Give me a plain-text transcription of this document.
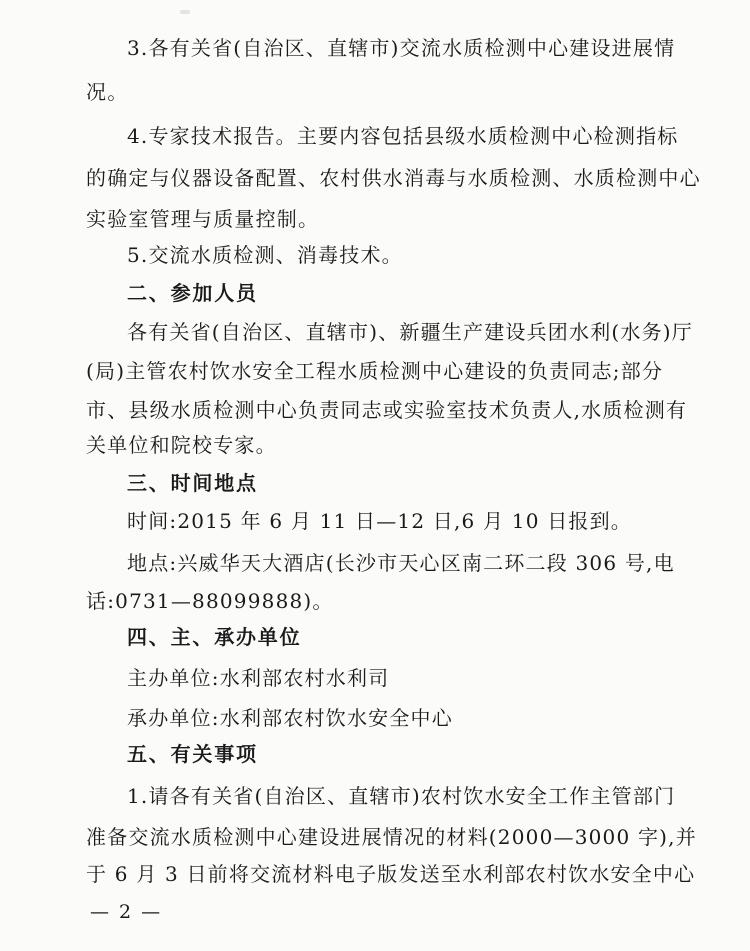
3.各有关省(自治区、直辖市)交流水质检测中心建设进展情
况。
4.专家技术报告。主要内容包括县级水质检测中心检测指标
的确定与仪器设备配置、农村供水消毒与水质检测、水质检测中心
实验室管理与质量控制。
5.交流水质检测、消毒技术。
二、参加人员
各有关省(自治区、直辖市)、新疆生产建设兵团水利(水务)厅
(局)主管农村饮水安全工程水质检测中心建设的负责同志;部分
市、县级水质检测中心负责同志或实验室技术负责人,水质检测有
关单位和院校专家。
三、时间地点
时间:2015 年 6 月 11 日—12 日,6 月 10 日报到。
地点:兴威华天大酒店(长沙市天心区南二环二段 306 号,电
话:0731—88099888)。
四、主、承办单位
主办单位:水利部农村水利司
承办单位:水利部农村饮水安全中心
五、有关事项
1.请各有关省(自治区、直辖市)农村饮水安全工作主管部门
准备交流水质检测中心建设进展情况的材料(2000—3000 字),并
于 6 月 3 日前将交流材料电子版发送至水利部农村饮水安全中心
— 2 —
